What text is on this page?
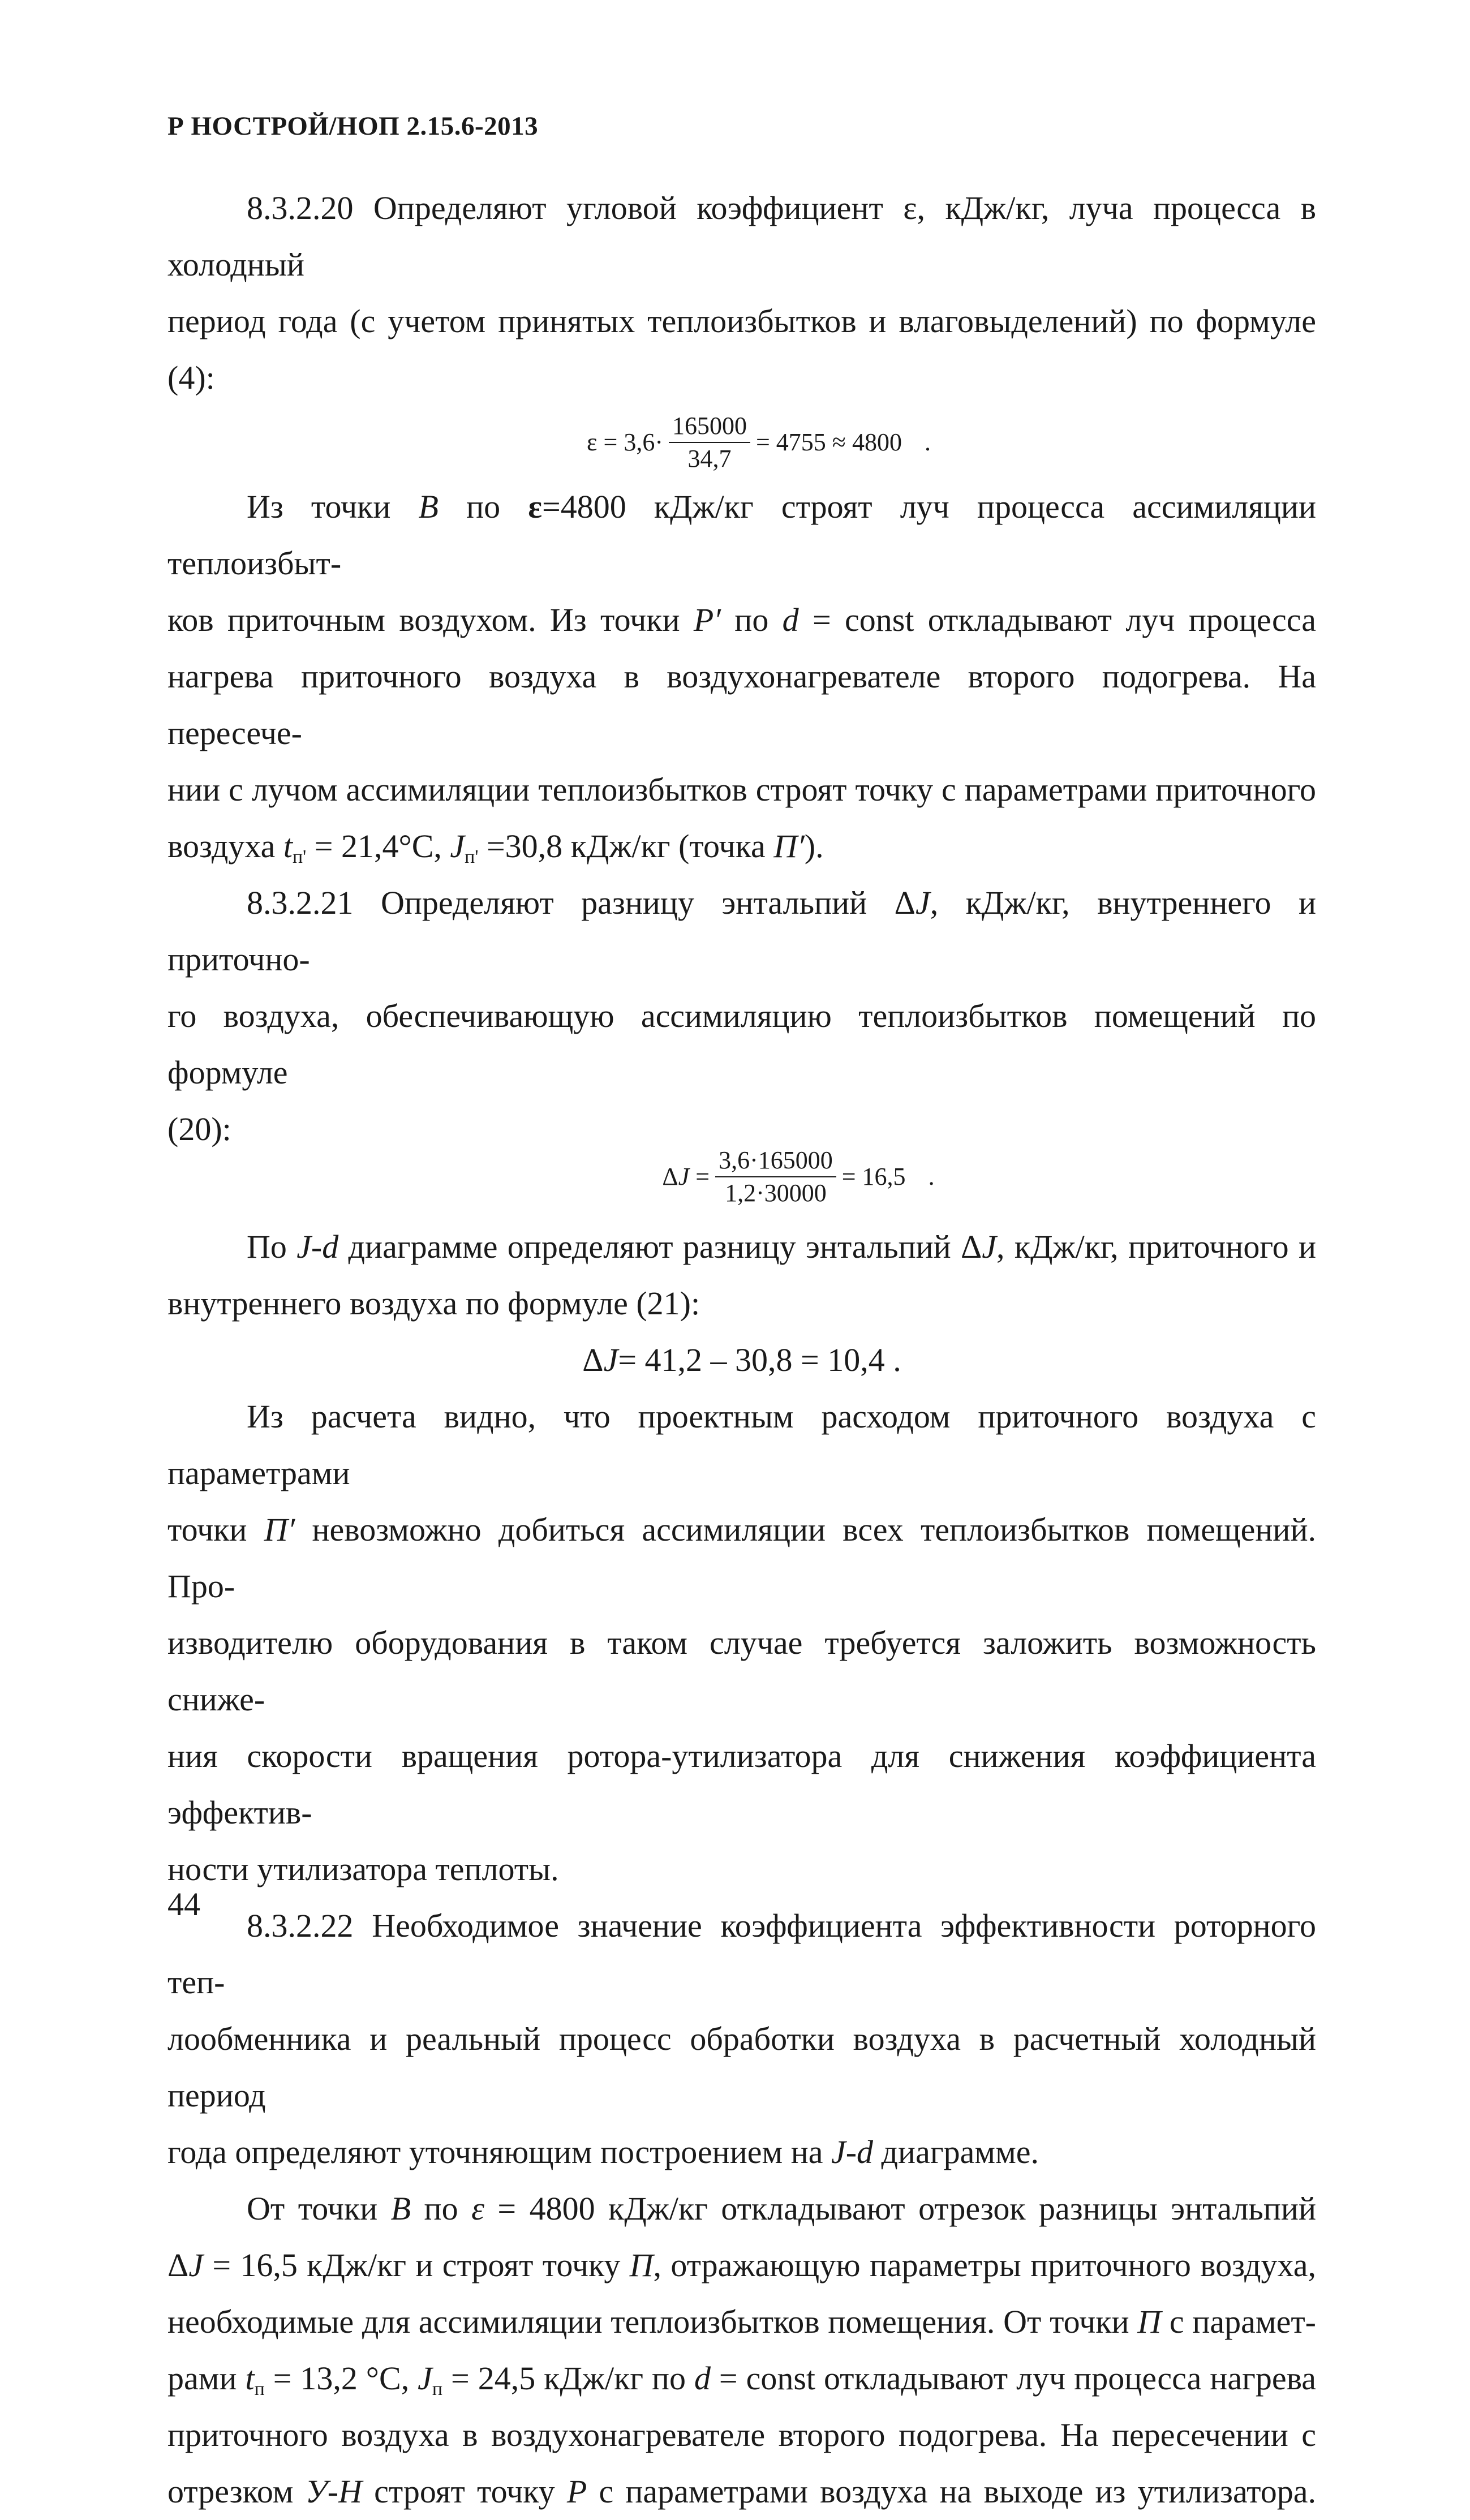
Р НОСТРОЙ/НОП 2.15.6-2013

8.3.2.20 Определяют угловой коэффициент ε, кДж/кг, луча процесса в холодный

период года (с учетом принятых теплоизбытков и влаговыделений) по формуле (4):

$\varepsilon = 3,6\cdot \frac{165000}{34,7} = 4755 \approx 4800$ .

Из точки В по ε=4800 кДж/кг строят луч процесса ассимиляции теплоизбыт-

ков приточным воздухом. Из точки Р′ по d = const откладывают луч процесса

нагрева приточного воздуха в воздухонагревателе второго подогрева. На пересече-

нии с лучом ассимиляции теплоизбытков строят точку с параметрами приточного

воздуха $t_{п'} = 21,4^\circ С$, $J_{п'} =30,8$ кДж/кг (точка П′).

8.3.2.21 Определяют разницу энтальпий ΔJ, кДж/кг, внутреннего и приточно-

го воздуха, обеспечивающую ассимиляцию теплоизбытков помещений по формуле

(20):

$\Delta J = \frac{3,6\cdot 165000}{1,2\cdot 30000} = 16,5$ .

По J-d диаграмме определяют разницу энтальпий ΔJ, кДж/кг, приточного и

внутреннего воздуха по формуле (21):

Δ J = 41,2 – 30,8 = 10,4 .

Из расчета видно, что проектным расходом приточного воздуха с параметрами

точки П′ невозможно добиться ассимиляции всех теплоизбытков помещений. Про-

изводителю оборудования в таком случае требуется заложить возможность сниже-

ния скорости вращения ротора-утилизатора для снижения коэффициента эффектив-

ности утилизатора теплоты.

8.3.2.22 Необходимое значение коэффициента эффективности роторного теп-

лообменника и реальный процесс обработки воздуха в расчетный холодный период

года определяют уточняющим построением на J-d диаграмме.

От точки В по ε = 4800 кДж/кг откладывают отрезок разницы энтальпий

ΔJ = 16,5 кДж/кг и строят точку П, отражающую параметры приточного воздуха,

необходимые для ассимиляции теплоизбытков помещения. От точки П с парамет-

рами $t_п = 13,2$ °С, $J_п = 24,5$ кДж/кг по d = const откладывают луч процесса нагрева

приточного воздуха в воздухонагревателе второго подогрева. На пересечении с

отрезком У-Н строят точку Р с параметрами воздуха на выходе из утилизатора.

44
